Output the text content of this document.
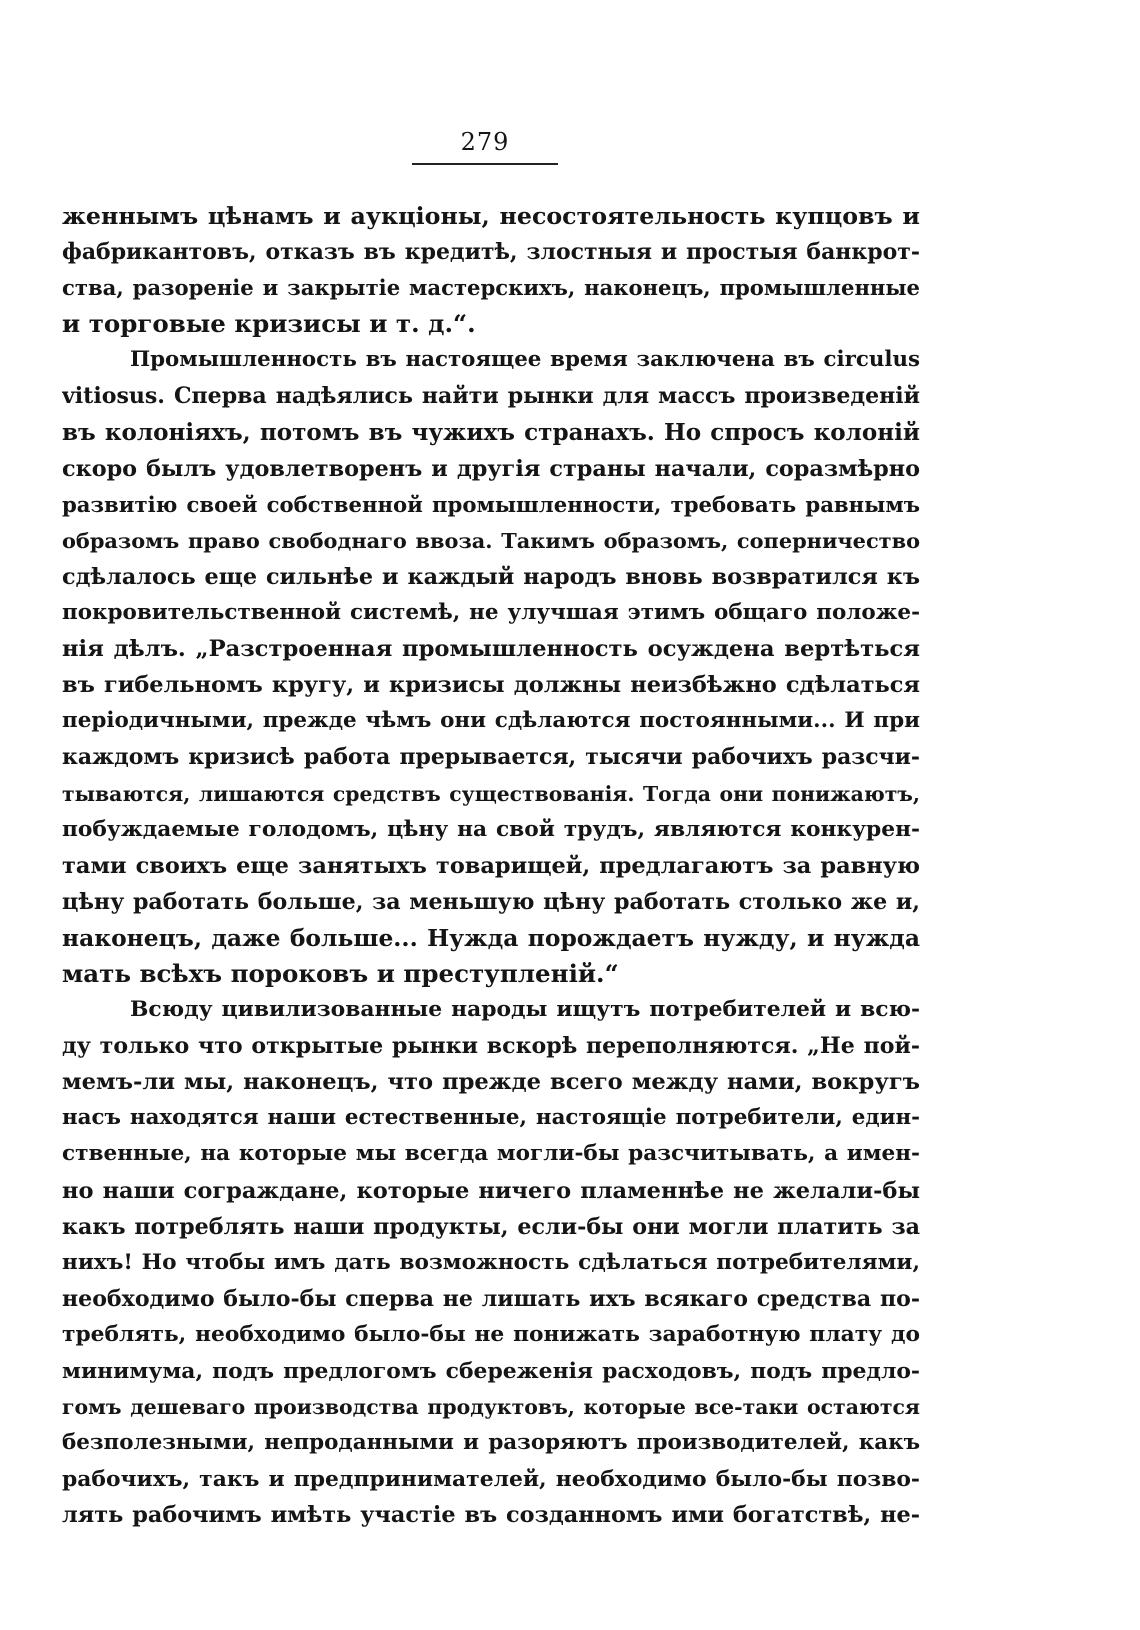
279
женнымъ цѣнамъ и аукціоны, несостоятельность купцовъ и
фабрикантовъ, отказъ въ кредитѣ, злостныя и простыя банкрот-
ства, разореніе и закрытіе мастерскихъ, наконецъ, промышленные
и торговые кризисы и т. д.“.
Промышленность въ настоящее время заключена въ circulus
vitiosus. Сперва надѣялись найти рынки для массъ произведеній
въ колоніяхъ, потомъ въ чужихъ странахъ. Но спросъ колоній
скоро былъ удовлетворенъ и другія страны начали, соразмѣрно
развитію своей собственной промышленности, требовать равнымъ
образомъ право свободнаго ввоза. Такимъ образомъ, соперничество
сдѣлалось еще сильнѣе и каждый народъ вновь возвратился къ
покровительственной системѣ, не улучшая этимъ общаго положе-
нія дѣлъ. „Разстроенная промышленность осуждена вертѣться
въ гибельномъ кругу, и кризисы должны неизбѣжно сдѣлаться
періодичными, прежде чѣмъ они сдѣлаются постоянными... И при
каждомъ кризисѣ работа прерывается, тысячи рабочихъ разсчи-
тываются, лишаются средствъ существованія. Тогда они понижаютъ,
побуждаемые голодомъ, цѣну на свой трудъ, являются конкурен-
тами своихъ еще занятыхъ товарищей, предлагаютъ за равную
цѣну работать больше, за меньшую цѣну работать столько же и,
наконецъ, даже больше... Нужда порождаетъ нужду, и нужда
мать всѣхъ пороковъ и преступленій.“
Всюду цивилизованные народы ищутъ потребителей и всю-
ду только что открытые рынки вскорѣ переполняются. „Не пой-
мемъ-ли мы, наконецъ, что прежде всего между нами, вокругъ
насъ находятся наши естественные, настоящіе потребители, един-
ственные, на которые мы всегда могли-бы разсчитывать, а имен-
но наши сограждане, которые ничего пламеннѣе не желали-бы
какъ потреблять наши продукты, если-бы они могли платить за
нихъ! Но чтобы имъ дать возможность сдѣлаться потребителями,
необходимо было-бы сперва не лишать ихъ всякаго средства по-
треблять, необходимо было-бы не понижать заработную плату до
минимума, подъ предлогомъ сбереженія расходовъ, подъ предло-
гомъ дешеваго производства продуктовъ, которые все-таки остаются
безполезными, непроданными и разоряютъ производителей, какъ
рабочихъ, такъ и предпринимателей, необходимо было-бы позво-
лять рабочимъ имѣть участіе въ созданномъ ими богатствѣ, не-
